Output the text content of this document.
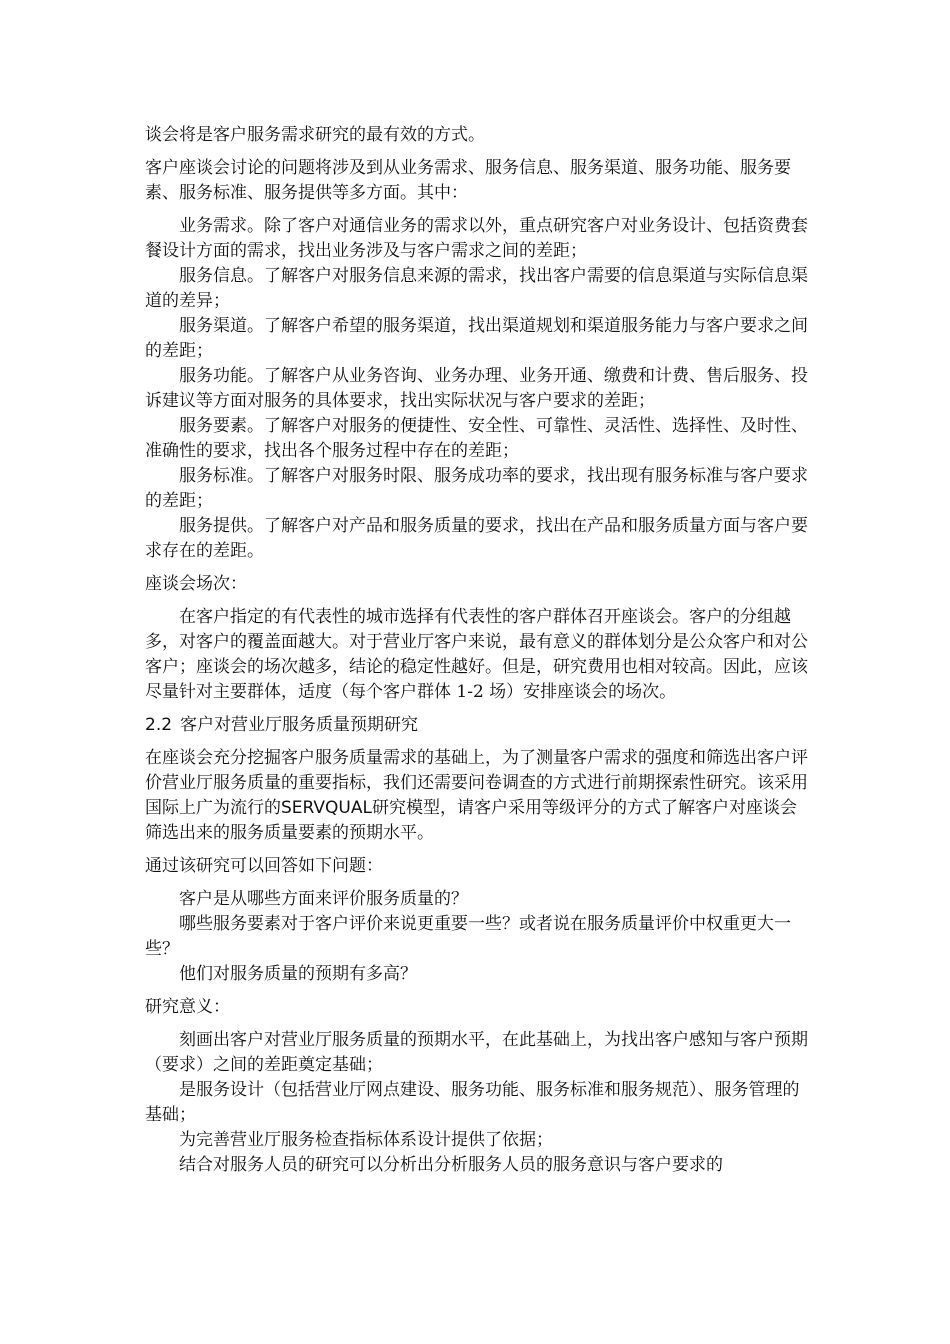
谈会将是客户服务需求研究的最有效的方式。

客户座谈会讨论的问题将涉及到从业务需求、服务信息、服务渠道、服务功能、服务要素、服务标准、服务提供等多方面。其中：

业务需求。除了客户对通信业务的需求以外，重点研究客户对业务设计、包括资费套餐设计方面的需求，找出业务涉及与客户需求之间的差距；

服务信息。了解客户对服务信息来源的需求，找出客户需要的信息渠道与实际信息渠道的差异；

服务渠道。了解客户希望的服务渠道，找出渠道规划和渠道服务能力与客户要求之间的差距；

服务功能。了解客户从业务咨询、业务办理、业务开通、缴费和计费、售后服务、投诉建议等方面对服务的具体要求，找出实际状况与客户要求的差距；

服务要素。了解客户对服务的便捷性、安全性、可靠性、灵活性、选择性、及时性、准确性的要求，找出各个服务过程中存在的差距；

服务标准。了解客户对服务时限、服务成功率的要求，找出现有服务标准与客户要求的差距；

服务提供。了解客户对产品和服务质量的要求，找出在产品和服务质量方面与客户要求存在的差距。

座谈会场次：

在客户指定的有代表性的城市选择有代表性的客户群体召开座谈会。客户的分组越多，对客户的覆盖面越大。对于营业厅客户来说，最有意义的群体划分是公众客户和对公客户；座谈会的场次越多，结论的稳定性越好。但是，研究费用也相对较高。因此，应该尽量针对主要群体，适度（每个客户群体 1-2 场）安排座谈会的场次。

2.2 客户对营业厅服务质量预期研究

在座谈会充分挖掘客户服务质量需求的基础上，为了测量客户需求的强度和筛选出客户评价营业厅服务质量的重要指标，我们还需要问卷调查的方式进行前期探索性研究。该采用国际上广为流行的SERVQUAL研究模型，请客户采用等级评分的方式了解客户对座谈会筛选出来的服务质量要素的预期水平。

通过该研究可以回答如下问题：

客户是从哪些方面来评价服务质量的？

哪些服务要素对于客户评价来说更重要一些？或者说在服务质量评价中权重更大一些？

他们对服务质量的预期有多高？

研究意义：

刻画出客户对营业厅服务质量的预期水平，在此基础上，为找出客户感知与客户预期（要求）之间的差距奠定基础；

是服务设计（包括营业厅网点建设、服务功能、服务标准和服务规范）、服务管理的基础；

为完善营业厅服务检查指标体系设计提供了依据；

结合对服务人员的研究可以分析出分析服务人员的服务意识与客户要求的
